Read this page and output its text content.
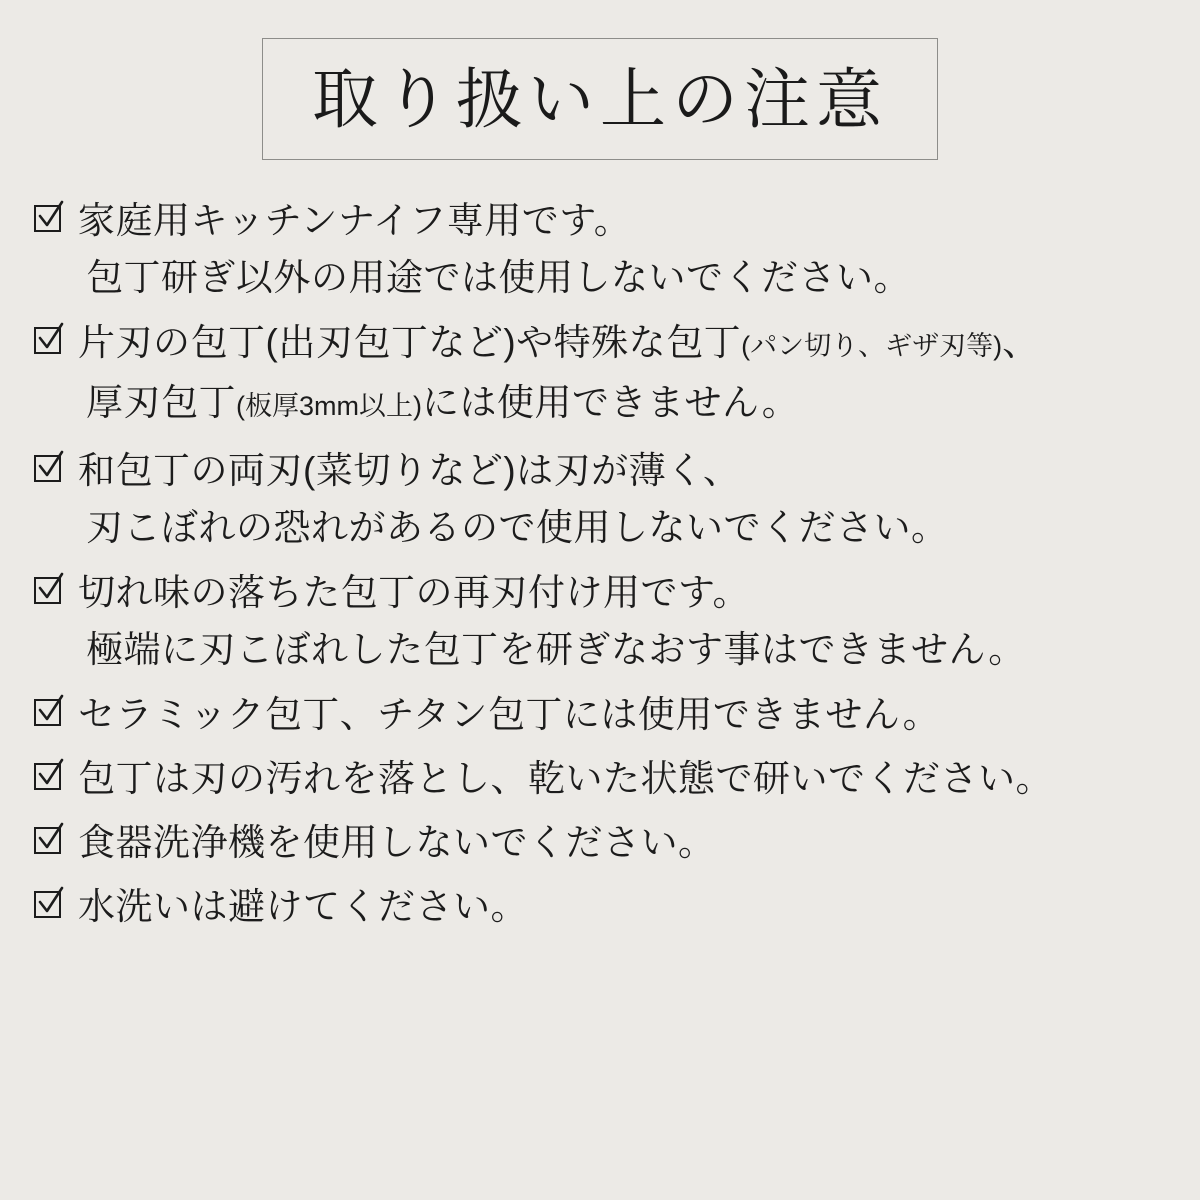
取り扱い上の注意
家庭用キッチンナイフ専用です。
包丁研ぎ以外の用途では使用しないでください。
片刃の包丁(出刃包丁など)や特殊な包丁(パン切り、ギザ刃等)、
厚刃包丁(板厚3mm以上)には使用できません。
和包丁の両刃(菜切りなど)は刃が薄く、
刃こぼれの恐れがあるので使用しないでください。
切れ味の落ちた包丁の再刃付け用です。
極端に刃こぼれした包丁を研ぎなおす事はできません。
セラミック包丁、チタン包丁には使用できません。
包丁は刃の汚れを落とし、乾いた状態で研いでください。
食器洗浄機を使用しないでください。
水洗いは避けてください。
